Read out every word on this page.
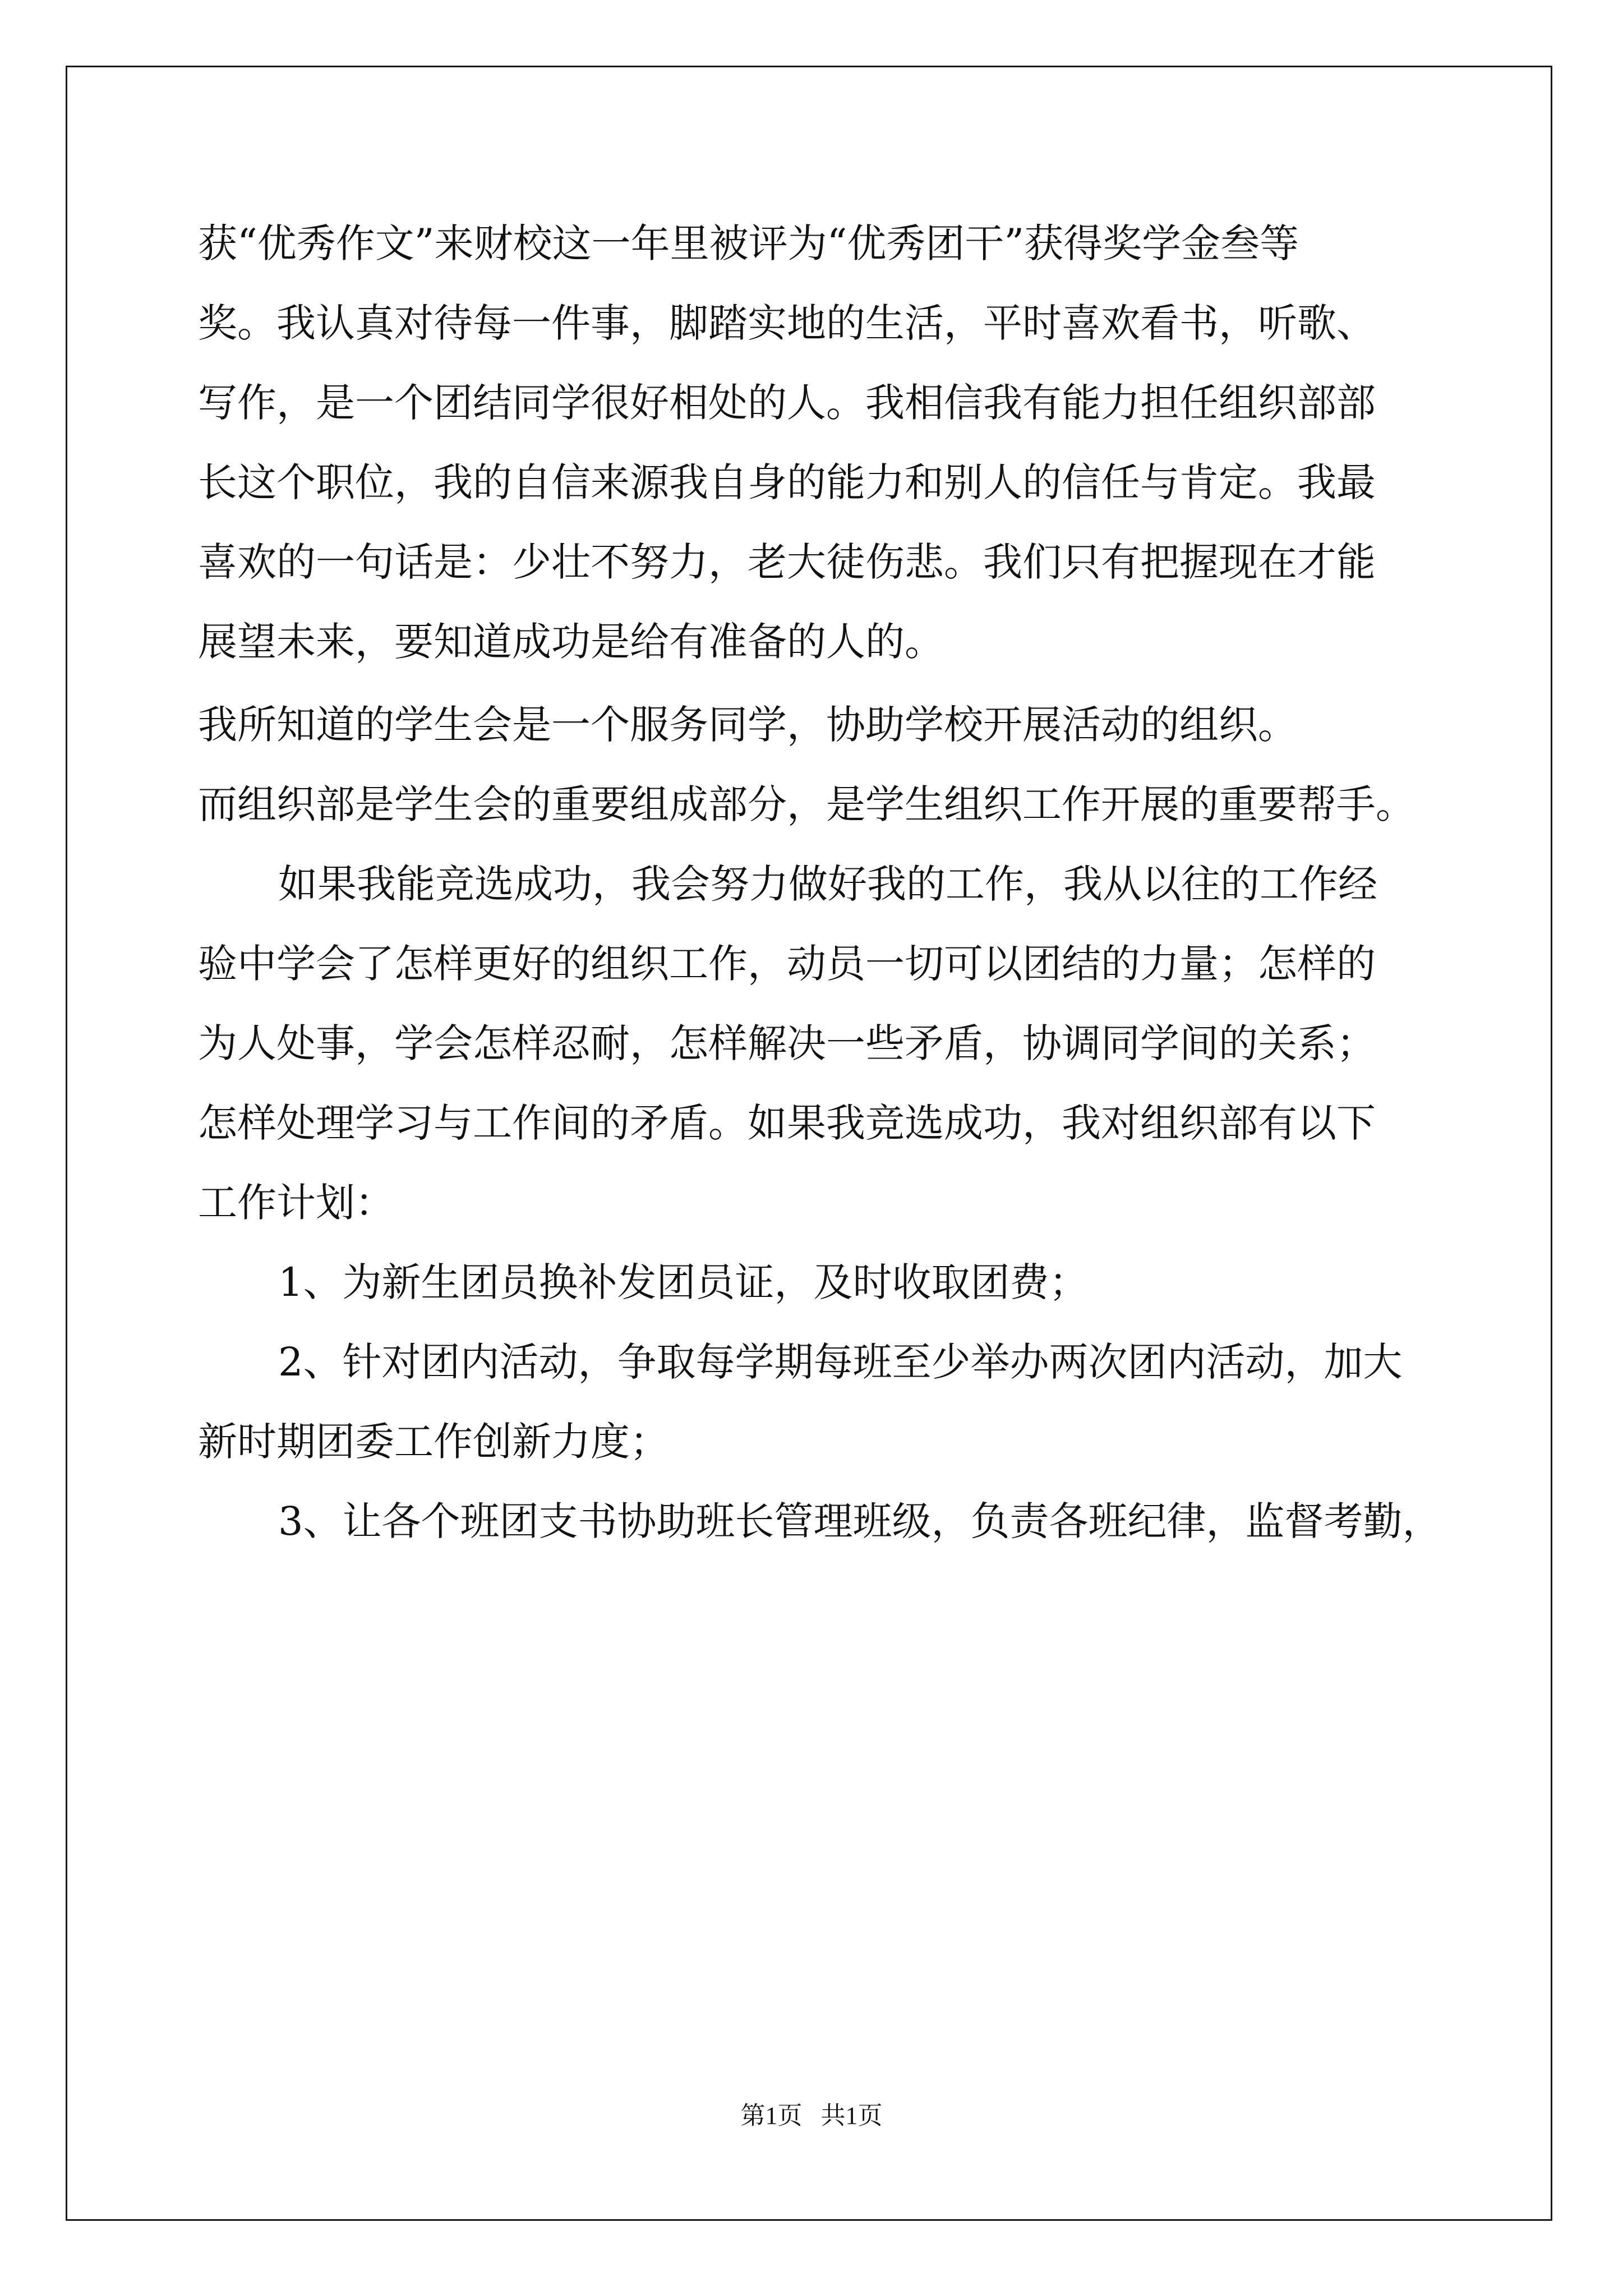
获“优秀作文”来财校这一年里被评为“优秀团干”获得奖学金叁等

奖。我认真对待每一件事，脚踏实地的生活，平时喜欢看书，听歌、

写作，是一个团结同学很好相处的人。我相信我有能力担任组织部部

长这个职位，我的自信来源我自身的能力和别人的信任与肯定。我最

喜欢的一句话是：少壮不努力，老大徒伤悲。我们只有把握现在才能

展望未来，要知道成功是给有准备的人的。

我所知道的学生会是一个服务同学，协助学校开展活动的组织。

而组织部是学生会的重要组成部分，是学生组织工作开展的重要帮手。

如果我能竞选成功，我会努力做好我的工作，我从以往的工作经

验中学会了怎样更好的组织工作，动员一切可以团结的力量；怎样的

为人处事，学会怎样忍耐，怎样解决一些矛盾，协调同学间的关系；

怎样处理学习与工作间的矛盾。如果我竞选成功，我对组织部有以下

工作计划：

1、为新生团员换补发团员证，及时收取团费；

2、针对团内活动，争取每学期每班至少举办两次团内活动，加大

新时期团委工作创新力度；

3、让各个班团支书协助班长管理班级，负责各班纪律，监督考勤，

第1页   共1页
